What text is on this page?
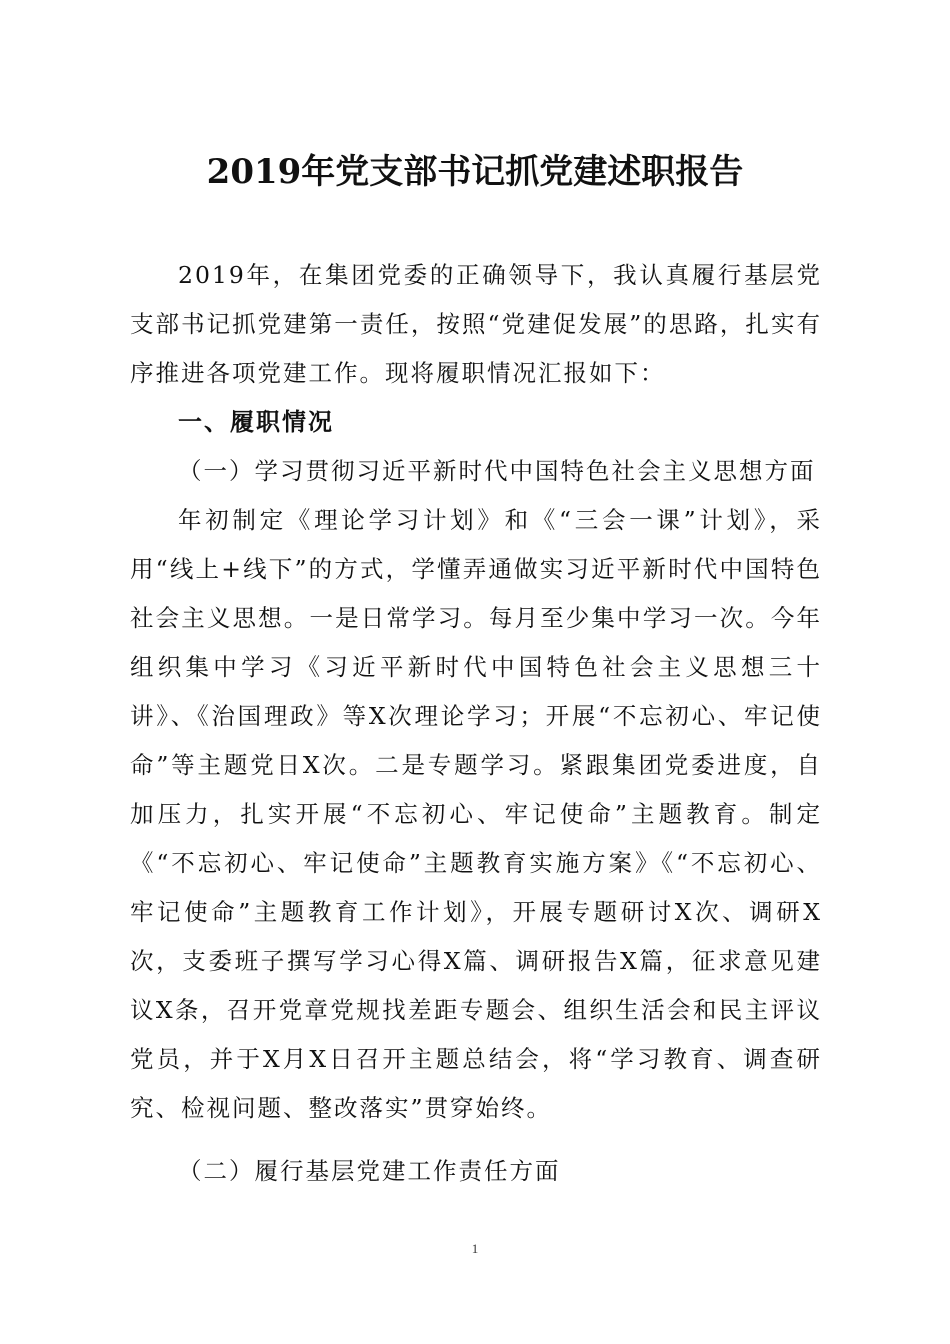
2019年党支部书记抓党建述职报告

2019年，在集团党委的正确领导下，我认真履行基层党支部书记抓党建第一责任，按照“党建促发展”的思路，扎实有序推进各项党建工作。现将履职情况汇报如下：

一、履职情况
（一）学习贯彻习近平新时代中国特色社会主义思想方面

年初制定《理论学习计划》和《“三会一课”计划》，采用“线上+线下”的方式，学懂弄通做实习近平新时代中国特色社会主义思想。一是日常学习。每月至少集中学习一次。今年组织集中学习《习近平新时代中国特色社会主义思想三十讲》、《治国理政》等X次理论学习；开展“不忘初心、牢记使命”等主题党日X次。二是专题学习。紧跟集团党委进度，自加压力，扎实开展“不忘初心、牢记使命”主题教育。制定《“不忘初心、牢记使命”主题教育实施方案》《“不忘初心、牢记使命”主题教育工作计划》，开展专题研讨X次、调研X次，支委班子撰写学习心得X篇、调研报告X篇，征求意见建议X条，召开党章党规找差距专题会、组织生活会和民主评议党员，并于X月X日召开主题总结会，将“学习教育、调查研究、检视问题、整改落实”贯穿始终。

（二）履行基层党建工作责任方面
1
